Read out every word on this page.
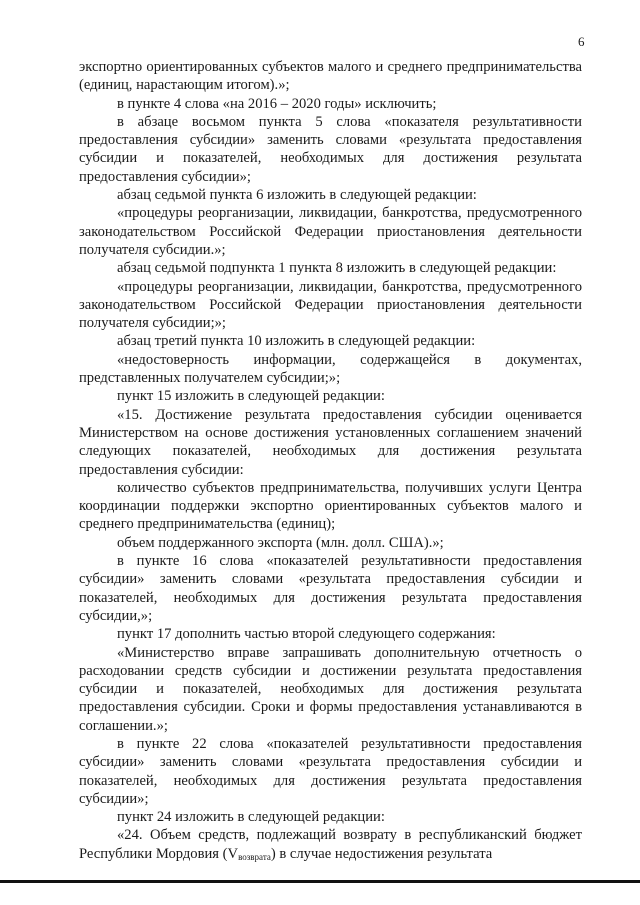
6

экспортно ориентированных субъектов малого и среднего предпринимательства (единиц, нарастающим итогом).»;

в пункте 4 слова «на 2016 – 2020 годы» исключить;

в абзаце восьмом пункта 5 слова «показателя результативности предоставления субсидии» заменить словами «результата предоставления субсидии и показателей, необходимых для достижения результата предоставления субсидии»;

абзац седьмой пункта 6 изложить в следующей редакции:

«процедуры реорганизации, ликвидации, банкротства, предусмотренного законодательством Российской Федерации приостановления деятельности получателя субсидии.»;

абзац седьмой подпункта 1 пункта 8 изложить в следующей редакции:

«процедуры реорганизации, ликвидации, банкротства, предусмотренного законодательством Российской Федерации приостановления деятельности получателя субсидии;»;

абзац третий пункта 10 изложить в следующей редакции:

«недостоверность информации, содержащейся в документах, представленных получателем субсидии;»;

пункт 15 изложить в следующей редакции:

«15. Достижение результата предоставления субсидии оценивается Министерством на основе достижения установленных соглашением значений следующих показателей, необходимых для достижения результата предоставления субсидии:

количество субъектов предпринимательства, получивших услуги Центра координации поддержки экспортно ориентированных субъектов малого и среднего предпринимательства (единиц);

объем поддержанного экспорта (млн. долл. США).»;

в пункте 16 слова «показателей результативности предоставления субсидии» заменить словами «результата предоставления субсидии и показателей, необходимых для достижения результата предоставления субсидии,»;

пункт 17 дополнить частью второй следующего содержания:

«Министерство вправе запрашивать дополнительную отчетность о расходовании средств субсидии и достижении результата предоставления субсидии и показателей, необходимых для достижения результата предоставления субсидии. Сроки и формы предоставления устанавливаются в соглашении.»;

в пункте 22 слова «показателей результативности предоставления субсидии» заменить словами «результата предоставления субсидии и показателей, необходимых для достижения результата предоставления субсидии»;

пункт 24 изложить в следующей редакции:

«24. Объем средств, подлежащий возврату в республиканский бюджет Республики Мордовия $(V_{возврата})$ в случае недостижения результата
